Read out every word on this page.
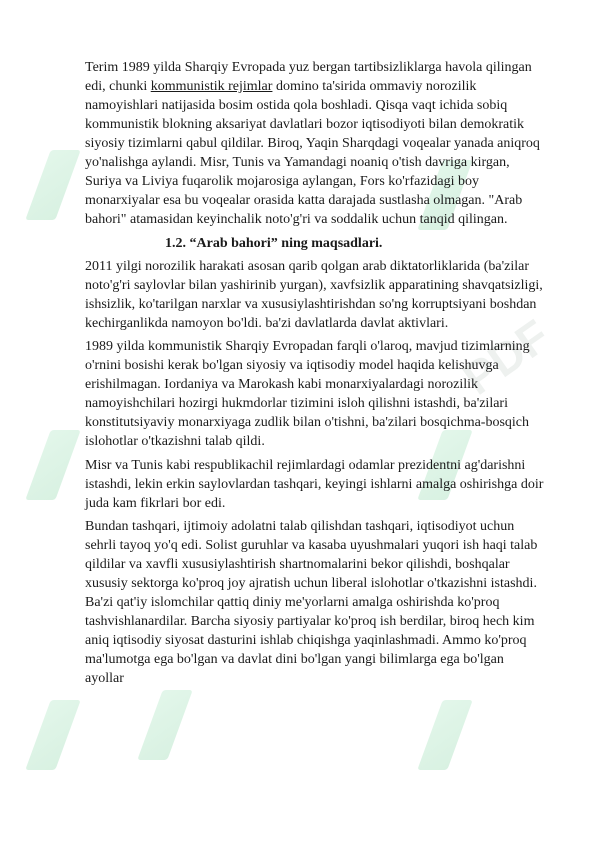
PDF

Terim 1989 yilda Sharqiy Evropada yuz bergan tartibsizliklarga havola qilingan edi, chunki kommunistik rejimlar domino ta'sirida ommaviy norozilik namoyishlari natijasida bosim ostida qola boshladi. Qisqa vaqt ichida sobiq kommunistik blokning aksariyat davlatlari bozor iqtisodiyoti bilan demokratik siyosiy tizimlarni qabul qildilar. Biroq, Yaqin Sharqdagi voqealar yanada aniqroq yo'nalishga aylandi. Misr, Tunis va Yamandagi noaniq o'tish davriga kirgan, Suriya va Liviya fuqarolik mojarosiga aylangan, Fors ko'rfazidagi boy monarxiyalar esa bu voqealar orasida katta darajada sustlasha olmagan. "Arab bahori" atamasidan keyinchalik noto'g'ri va soddalik uchun tanqid qilingan.

1.2. “Arab bahori” ning maqsadlari.

2011 yilgi norozilik harakati asosan qarib qolgan arab diktatorliklarida (ba'zilar noto'g'ri saylovlar bilan yashirinib yurgan), xavfsizlik apparatining shavqatsizligi, ishsizlik, ko'tarilgan narxlar va xususiylashtirishdan so'ng korruptsiyani boshdan kechirganlikda namoyon bo'ldi. ba'zi davlatlarda davlat aktivlari.

1989 yilda kommunistik Sharqiy Evropadan farqli o'laroq, mavjud tizimlarning o'rnini bosishi kerak bo'lgan siyosiy va iqtisodiy model haqida kelishuvga erishilmagan. Iordaniya va Marokash kabi monarxiyalardagi norozilik namoyishchilari hozirgi hukmdorlar tizimini isloh qilishni istashdi, ba'zilari konstitutsiyaviy monarxiyaga zudlik bilan o'tishni, ba'zilari bosqichma-bosqich islohotlar o'tkazishni talab qildi.

Misr va Tunis kabi respublikachil rejimlardagi odamlar prezidentni ag'darishni istashdi, lekin erkin saylovlardan tashqari, keyingi ishlarni amalga oshirishga doir juda kam fikrlari bor edi.

Bundan tashqari, ijtimoiy adolatni talab qilishdan tashqari, iqtisodiyot uchun sehrli tayoq yo'q edi. Solist guruhlar va kasaba uyushmalari yuqori ish haqi talab qildilar va xavfli xususiylashtirish shartnomalarini bekor qilishdi, boshqalar xususiy sektorga ko'proq joy ajratish uchun liberal islohotlar o'tkazishni istashdi. Ba'zi qat'iy islomchilar qattiq diniy me'yorlarni amalga oshirishda ko'proq tashvishlanardilar. Barcha siyosiy partiyalar ko'proq ish berdilar, biroq hech kim aniq iqtisodiy siyosat dasturini ishlab chiqishga yaqinlashmadi. Ammo ko'proq ma'lumotga ega bo'lgan va davlat dini bo'lgan yangi bilimlarga ega bo'lgan ayollar
